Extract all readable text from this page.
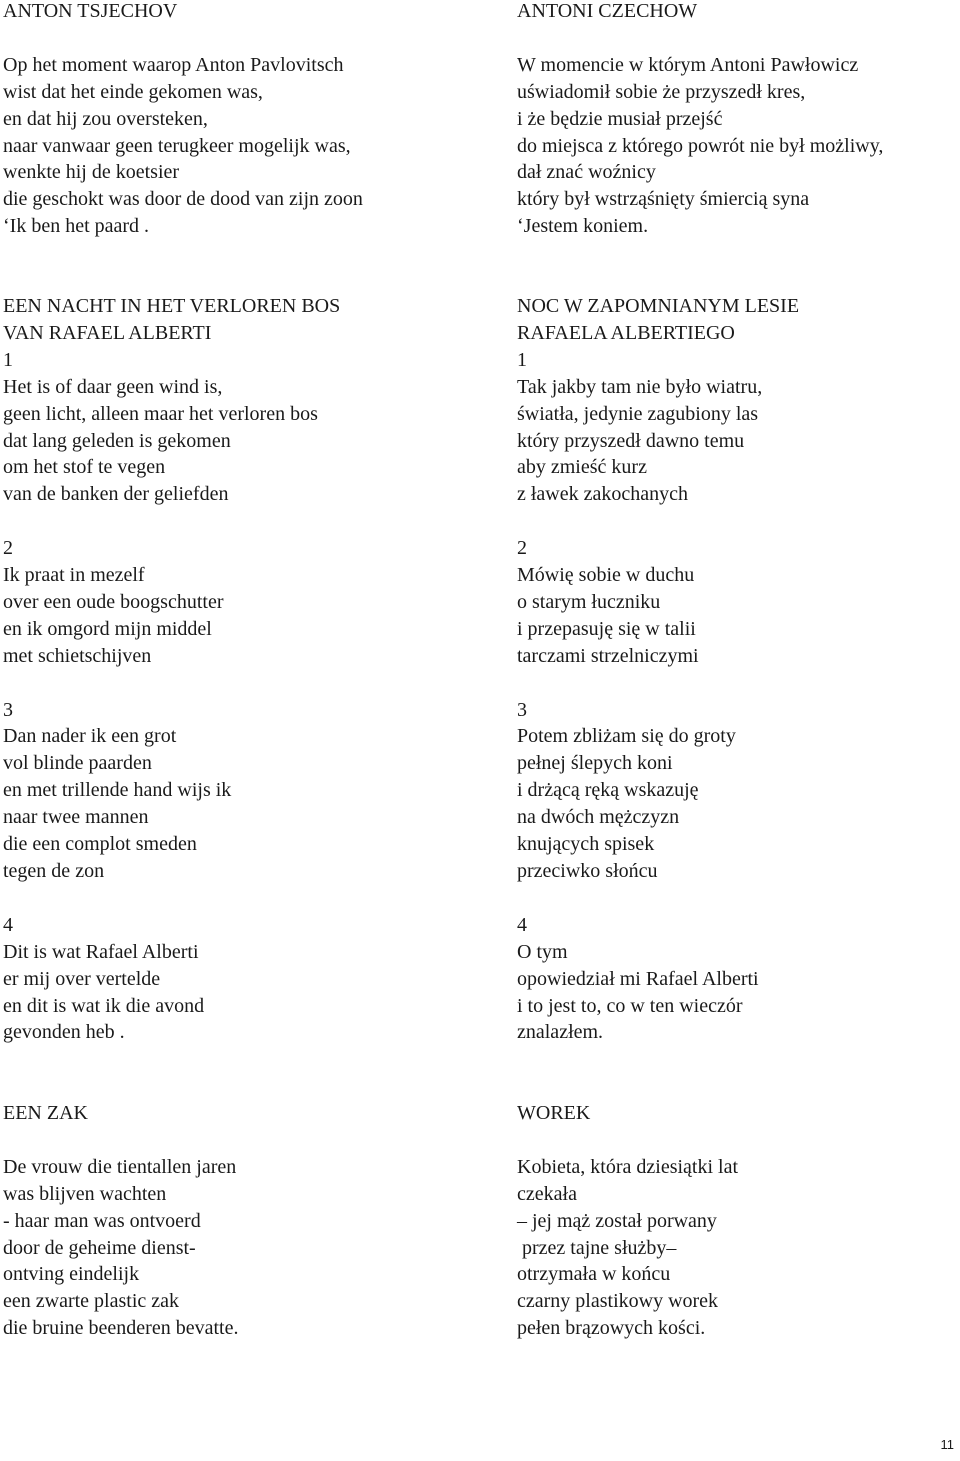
ANTON TSJECHOV
Op het moment waarop Anton Pavlovitsch
wist dat het einde gekomen was,
en dat hij zou oversteken,
naar vanwaar geen terugkeer mogelijk was,
wenkte hij de koetsier
die geschokt was door de dood van zijn zoon
‘Ik ben het paard .
ANTONI CZECHOW
W momencie w którym Antoni Pawłowicz
uświadomił sobie że przyszedł kres,
i że będzie musiał przejść
do miejsca z którego powrót nie był możliwy,
dał znać woźnicy
który był wstrząśnięty śmiercią syna
‘Jestem koniem.
EEN NACHT IN HET VERLOREN BOS
VAN RAFAEL ALBERTI
1
Het is of daar geen wind is,
geen licht, alleen maar het verloren bos
dat lang geleden is gekomen
om het stof te vegen
van de banken der geliefden
2
Ik praat in mezelf
over een oude boogschutter
en ik omgord mijn middel
met schietschijven
3
Dan nader ik een grot
vol blinde paarden
en met trillende hand wijs ik
naar twee mannen
die een complot smeden
tegen de zon
4
Dit is wat Rafael Alberti
er mij over vertelde
en dit is wat ik die avond
gevonden heb .
NOC W ZAPOMNIANYM LESIE
RAFAELA ALBERTIEGO
1
Tak jakby tam nie było wiatru,
światła, jedynie zagubiony las
który przyszedł dawno temu
aby zmieść kurz
z ławek zakochanych
2
Mówię sobie w duchu
o starym łuczniku
i przepasuję się w talii
tarczami strzelniczymi
3
Potem zbliżam się do groty
pełnej ślepych koni
i drżącą ręką wskazuję
na dwóch mężczyzn
knujących spisek
przeciwko słońcu
4
O tym
opowiedział mi Rafael Alberti
i to jest to, co w ten wieczór
znalazłem.
EEN ZAK
De vrouw die tientallen jaren
was blijven wachten
- haar man was ontvoerd
door de geheime dienst-
ontving eindelijk
een zwarte plastic zak
die bruine beenderen bevatte.
WOREK
Kobieta, która dziesiątki lat
czekała
– jej mąż został porwany
przez tajne służby–
otrzymała w końcu
czarny plastikowy worek
pełen brązowych kości.
11
